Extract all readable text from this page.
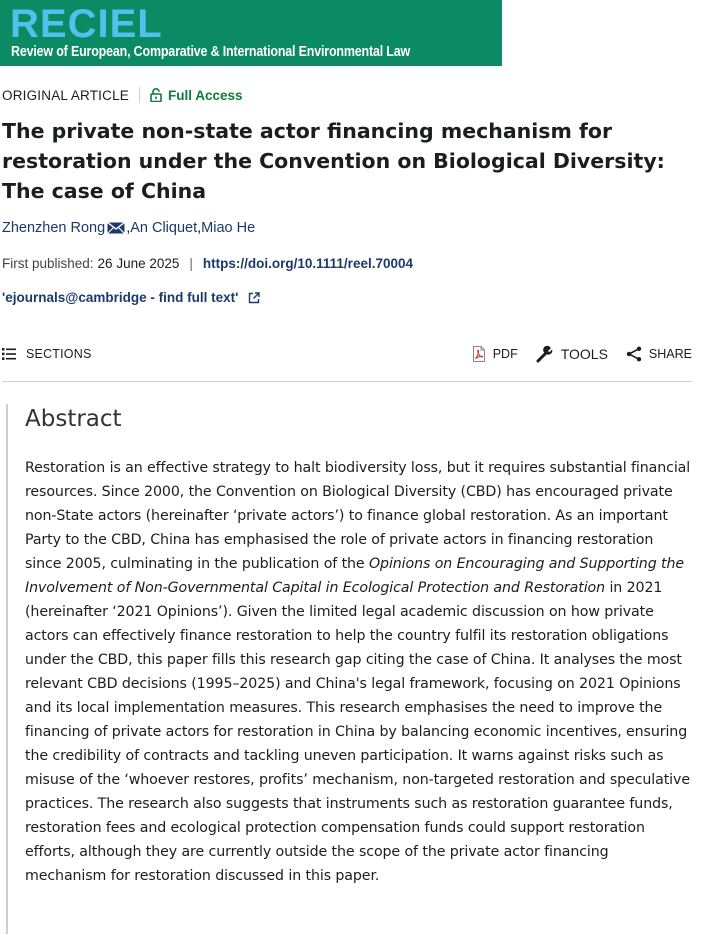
RECIEL
Review of European, Comparative & International Environmental Law
ORIGINAL ARTICLE	Full Access
The private non-state actor financing mechanism for restoration under the Convention on Biological Diversity: The case of China
Zhenzhen Rong , An Cliquet , Miao He
First published: 26 June 2025 | https://doi.org/10.1111/reel.70004
'ejournals@cambridge - find full text'
SECTIONS	PDF	TOOLS	SHARE
Abstract

Restoration is an effective strategy to halt biodiversity loss, but it requires substantial financial resources. Since 2000, the Convention on Biological Diversity (CBD) has encouraged private non-State actors (hereinafter ‘private actors’) to finance global restoration. As an important Party to the CBD, China has emphasised the role of private actors in financing restoration since 2005, culminating in the publication of the Opinions on Encouraging and Supporting the Involvement of Non-Governmental Capital in Ecological Protection and Restoration in 2021 (hereinafter ‘2021 Opinions’). Given the limited legal academic discussion on how private actors can effectively finance restoration to help the country fulfil its restoration obligations under the CBD, this paper fills this research gap citing the case of China. It analyses the most relevant CBD decisions (1995–2025) and China's legal framework, focusing on 2021 Opinions and its local implementation measures. This research emphasises the need to improve the financing of private actors for restoration in China by balancing economic incentives, ensuring the credibility of contracts and tackling uneven participation. It warns against risks such as misuse of the ‘whoever restores, profits’ mechanism, non-targeted restoration and speculative practices. The research also suggests that instruments such as restoration guarantee funds, restoration fees and ecological protection compensation funds could support restoration efforts, although they are currently outside the scope of the private actor financing mechanism for restoration discussed in this paper.
